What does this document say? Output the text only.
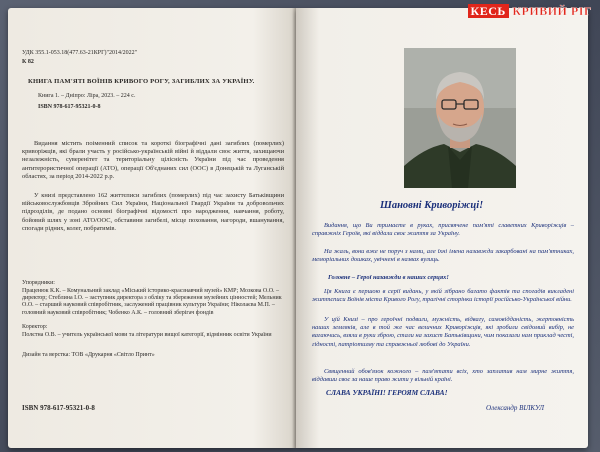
УДК 355.1-053.18(477.63-21КРГ)"2014/2022"
К 82
КНИГА ПАМ'ЯТІ ВОЇНІВ КРИВОГО РОГУ, ЗАГИБЛИХ ЗА УКРАЇНУ.
Книга 1. – Дніпро: Ліра, 2023. – 224 с.
ISBN 978-617-95321-0-8
Видання містить поіменний список та короткі біографічні дані загиблих (померлих) криворіжців, які брали участь у російсько-українській війні й віддали своє життя, захищаючи незалежність, суверенітет та територіальну цілісність України під час проведення антитерористичної операції (АТО), операції Об'єднаних сил (ООС) в Донецькій та Луганській областях, за період 2014-2022 р.р.
У книзі представлено 162 життєписи загиблих (померлих) під час захисту Батьківщини військовослужбовців Збройних Сил України, Національної Гвардії України та добровольчих підрозділів, де подано основні біографічні відомості про народження, навчання, роботу, бойовий шлях у зоні АТО/ООС, обставини загибелі, місце поховання, нагороди, вшанування, спогади рідних, колег, побратимів.
Упорядники:
Праценюк К.К. – Комунальний заклад «Міський історико-краєзнавчий музей» КМР; Мозкова О.О. – директор; Стеблина І.О. – заступник директора з обліку та збереження музейних цінностей; Мельник О.О. – старший науковий співробітник, заслужений працівник культури України; Ніколаєва М.П. – головний науковий співробітник; Чобенко А.К. – головний зберігач фондів
Коректор:
Полєтна О.В. – учитель української мови та літератури вищої категорії, відмінник освіти України
Дизайн та верстка: ТОВ «Друкарня «Світло Принт»
ISBN 978-617-95321-0-8
Шановні Криворіжці!
Видання, що Ви тримаєте в руках, присвячене пам'яті славетних Криворіжців – справжніх Героїв, які віддали своє життя за Україну.
На жаль, вони вже не поруч з нами, але їхні імена назавжди закарбовані на пам'ятниках, меморіальних дошках, увічнені в назвах вулиць.
Головне – Герої назавжди в наших серцях!
Ця Книга є першою в серії видань, у якій зібрано багато фактів та спогадів викладені життєписи Воїнів міста Кривого Рогу, трагічні сторінки історії російсько-Української війни.
У цій Книзі – про героїчні подвиги, мужність, відвагу, самовідданість, жертовність наших земляків, але в той же час величних Криворіжців, які зробили свідомий вибір, не вагаючись, взяли в руки зброю, стали на захист Батьківщини, чим показали нам приклад честі, гідності, патріотизму та справжньої любові до України.
Священний обов'язок кожного – пам'ятати всіх, хто заплатив нам мирне життя, віддавши своє за наше право жити у вільній країні.
СЛАВА УКРАЇНІ! ГЕРОЯМ СЛАВА!
Олександр ВІЛКУЛ
КЕСЬ КРИВИЙ РІГ
